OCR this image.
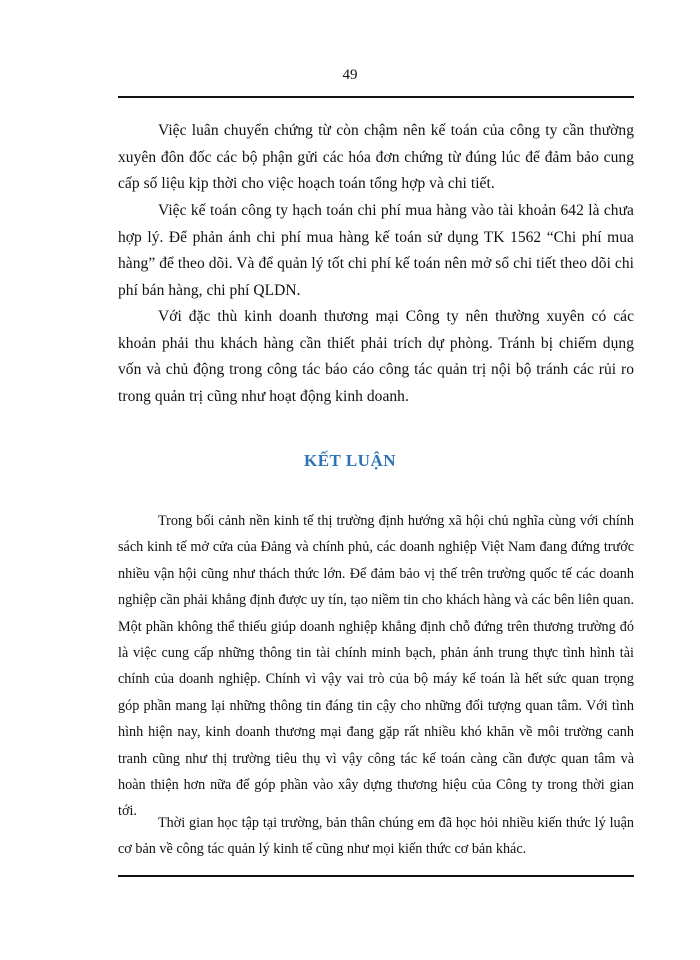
49

Việc luân chuyển chứng từ còn chậm nên kế toán của công ty cần thường xuyên đôn đốc các bộ phận gửi các hóa đơn chứng từ đúng lúc để đảm bảo cung cấp số liệu kịp thời cho việc hoạch toán tổng hợp và chi tiết.

Việc kế toán công ty hạch toán chi phí mua hàng vào tài khoản 642 là chưa hợp lý. Để phản ánh chi phí mua hàng kế toán sử dụng TK 1562 “Chi phí mua hàng” để theo dõi. Và để quản lý tốt chi phí kế toán nên mở sổ chi tiết theo dõi chi phí bán hàng, chi phí QLDN.

Với đặc thù kinh doanh thương mại Công ty nên thường xuyên có các khoản phải thu khách hàng cần thiết phải trích dự phòng. Tránh bị chiếm dụng vốn và chủ động trong công tác báo cáo công tác quản trị nội bộ tránh các rủi ro trong quản trị cũng như hoạt động kinh doanh.

KẾT LUẬN

Trong bối cảnh nền kinh tế thị trường định hướng xã hội chủ nghĩa cùng với chính sách kinh tế mở cửa của Đảng và chính phủ, các doanh nghiệp Việt Nam đang đứng trước nhiều vận hội cũng như thách thức lớn. Để đảm bảo vị thế trên trường quốc tế các doanh nghiệp cần phải khẳng định được uy tín, tạo niềm tin cho khách hàng và các bên liên quan. Một phần không thể thiếu giúp doanh nghiệp khẳng định chỗ đứng trên thương trường đó là việc cung cấp những thông tin tài chính minh bạch, phản ánh trung thực tình hình tài chính của doanh nghiệp. Chính vì vậy vai trò của bộ máy kế toán là hết sức quan trọng góp phần mang lại những thông tin đáng tin cậy cho những đối tượng quan tâm. Với tình hình hiện nay, kinh doanh thương mại đang gặp rất nhiều khó khăn về môi trường canh tranh cũng như thị trường tiêu thụ vì vậy công tác kế toán càng cần được quan tâm và hoàn thiện hơn nữa để góp phần vào xây dựng thương hiệu của Công ty trong thời gian tới.

Thời gian học tập tại trường, bản thân chúng em đã học hỏi nhiều kiến thức lý luận cơ bản về công tác quản lý kinh tế cũng như mọi kiến thức cơ bản khác.
